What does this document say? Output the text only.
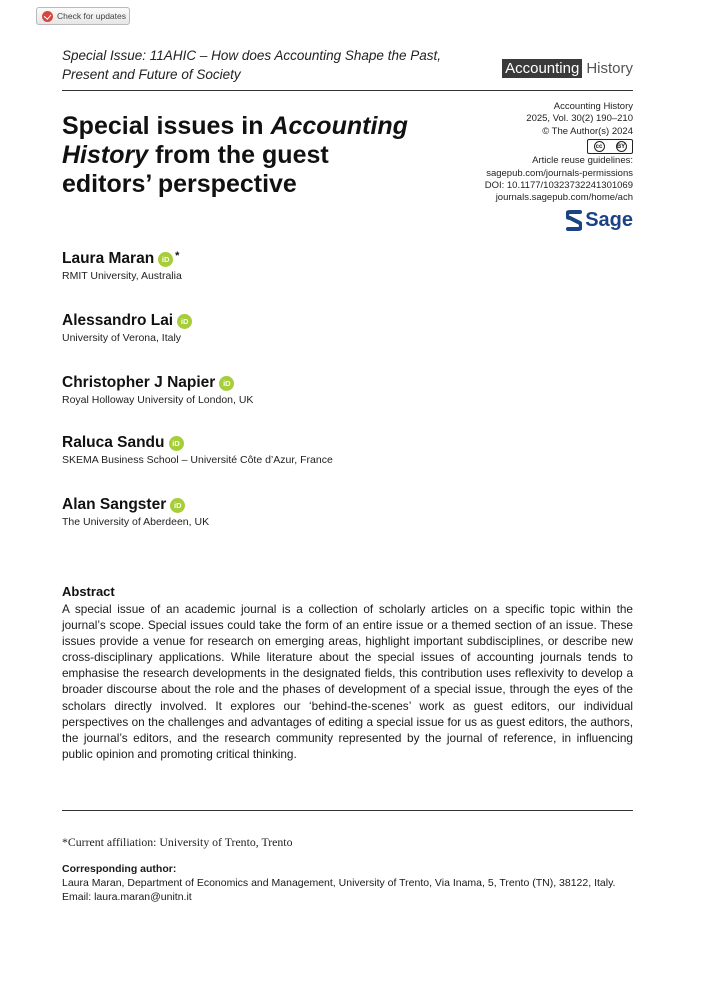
Check for updates
Special Issue: 11AHIC – How does Accounting Shape the Past, Present and Future of Society	Accounting History
Special issues in Accounting History from the guest editors’ perspective
Accounting History
2025, Vol. 30(2) 190–210
© The Author(s) 2024
cc	BY
Article reuse guidelines:
sagepub.com/journals-permissions
DOI: 10.1177/10323732241301069
journals.sagepub.com/home/ach
Sage
Laura Maran	iD *
RMIT University, Australia
Alessandro Lai	iD
University of Verona, Italy
Christopher J Napier	iD
Royal Holloway University of London, UK
Raluca Sandu	iD
SKEMA Business School – Université Côte d’Azur, France
Alan Sangster	iD
The University of Aberdeen, UK
Abstract
A special issue of an academic journal is a collection of scholarly articles on a specific topic within the journal’s scope. Special issues could take the form of an entire issue or a themed section of an issue. These issues provide a venue for research on emerging areas, highlight important subdisciplines, or describe new cross-disciplinary applications. While literature about the special issues of accounting journals tends to emphasise the research developments in the designated fields, this contribution uses reflexivity to develop a broader discourse about the role and the phases of development of a special issue, through the eyes of the scholars directly involved. It explores our ‘behind-the-scenes’ work as guest editors, our individual perspectives on the challenges and advantages of editing a special issue for us as guest editors, the authors, the journal’s editors, and the research community represented by the journal of reference, in influencing public opinion and promoting critical thinking.
*Current affiliation: University of Trento, Trento
Corresponding author:
Laura Maran, Department of Economics and Management, University of Trento, Via Inama, 5, Trento (TN), 38122, Italy.
Email: laura.maran@unitn.it
